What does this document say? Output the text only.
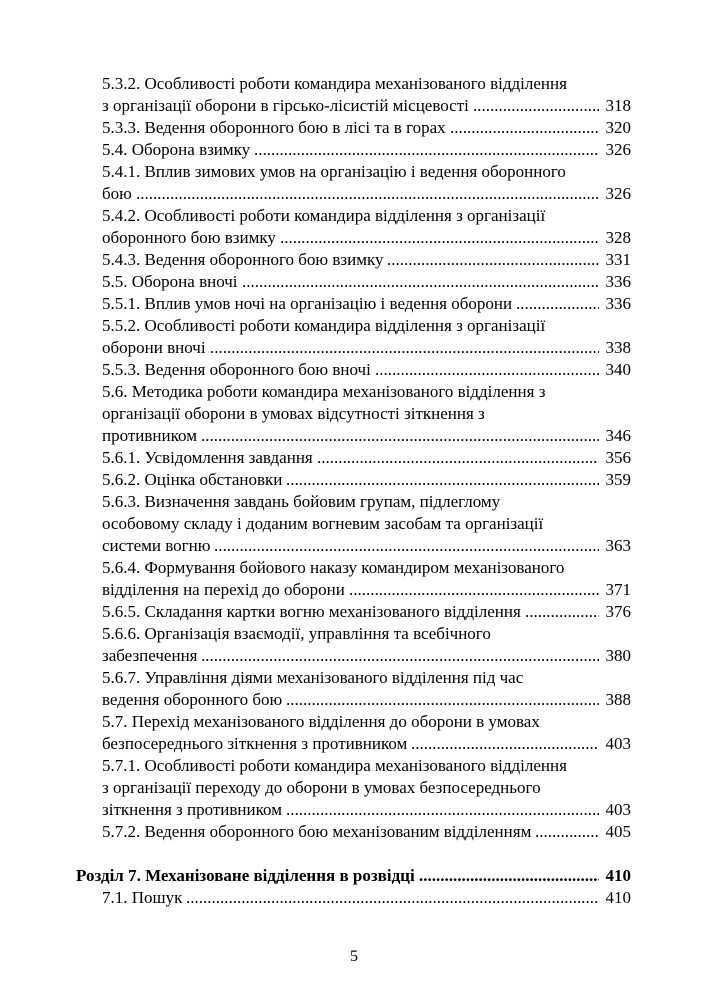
5.3.2. Особливості роботи командира механізованого відділення
з організації оборони в гірсько-лісистій місцевості .....	318
5.3.3. Ведення оборонного бою в лісі та в горах .....	320
5.4. Оборона взимку .....	326
5.4.1. Вплив зимових умов на організацію і ведення оборонного
бою .....	326
5.4.2. Особливості роботи командира відділення з організації
оборонного бою взимку .....	328
5.4.3. Ведення оборонного бою взимку .....	331
5.5. Оборона вночі .....	336
5.5.1. Вплив умов ночі на організацію і ведення оборони .....	336
5.5.2. Особливості роботи командира відділення з організації
оборони вночі .....	338
5.5.3. Ведення оборонного бою вночі .....	340
5.6. Методика роботи командира механізованого відділення з
організації оборони в умовах відсутності зіткнення з
противником .....	346
5.6.1. Усвідомлення завдання .....	356
5.6.2. Оцінка обстановки .....	359
5.6.3. Визначення завдань бойовим групам, підлеглому
особовому складу і доданим вогневим засобам та організації
системи вогню .....	363
5.6.4. Формування бойового наказу командиром механізованого
відділення на перехід до оборони .....	371
5.6.5. Складання картки вогню механізованого відділення .....	376
5.6.6. Організація взаємодії, управління та всебічного
забезпечення .....	380
5.6.7. Управління діями механізованого відділення під час
ведення оборонного бою .....	388
5.7. Перехід механізованого відділення до оборони в умовах
безпосереднього зіткнення з противником .....	403
5.7.1. Особливості роботи командира механізованого відділення
з організації переходу до оборони в умовах безпосереднього
зіткнення з противником .....	403
5.7.2. Ведення оборонного бою механізованим відділенням .....	405
Розділ 7. Механізоване відділення в розвідці .....	410
7.1. Пошук .....	410
5
